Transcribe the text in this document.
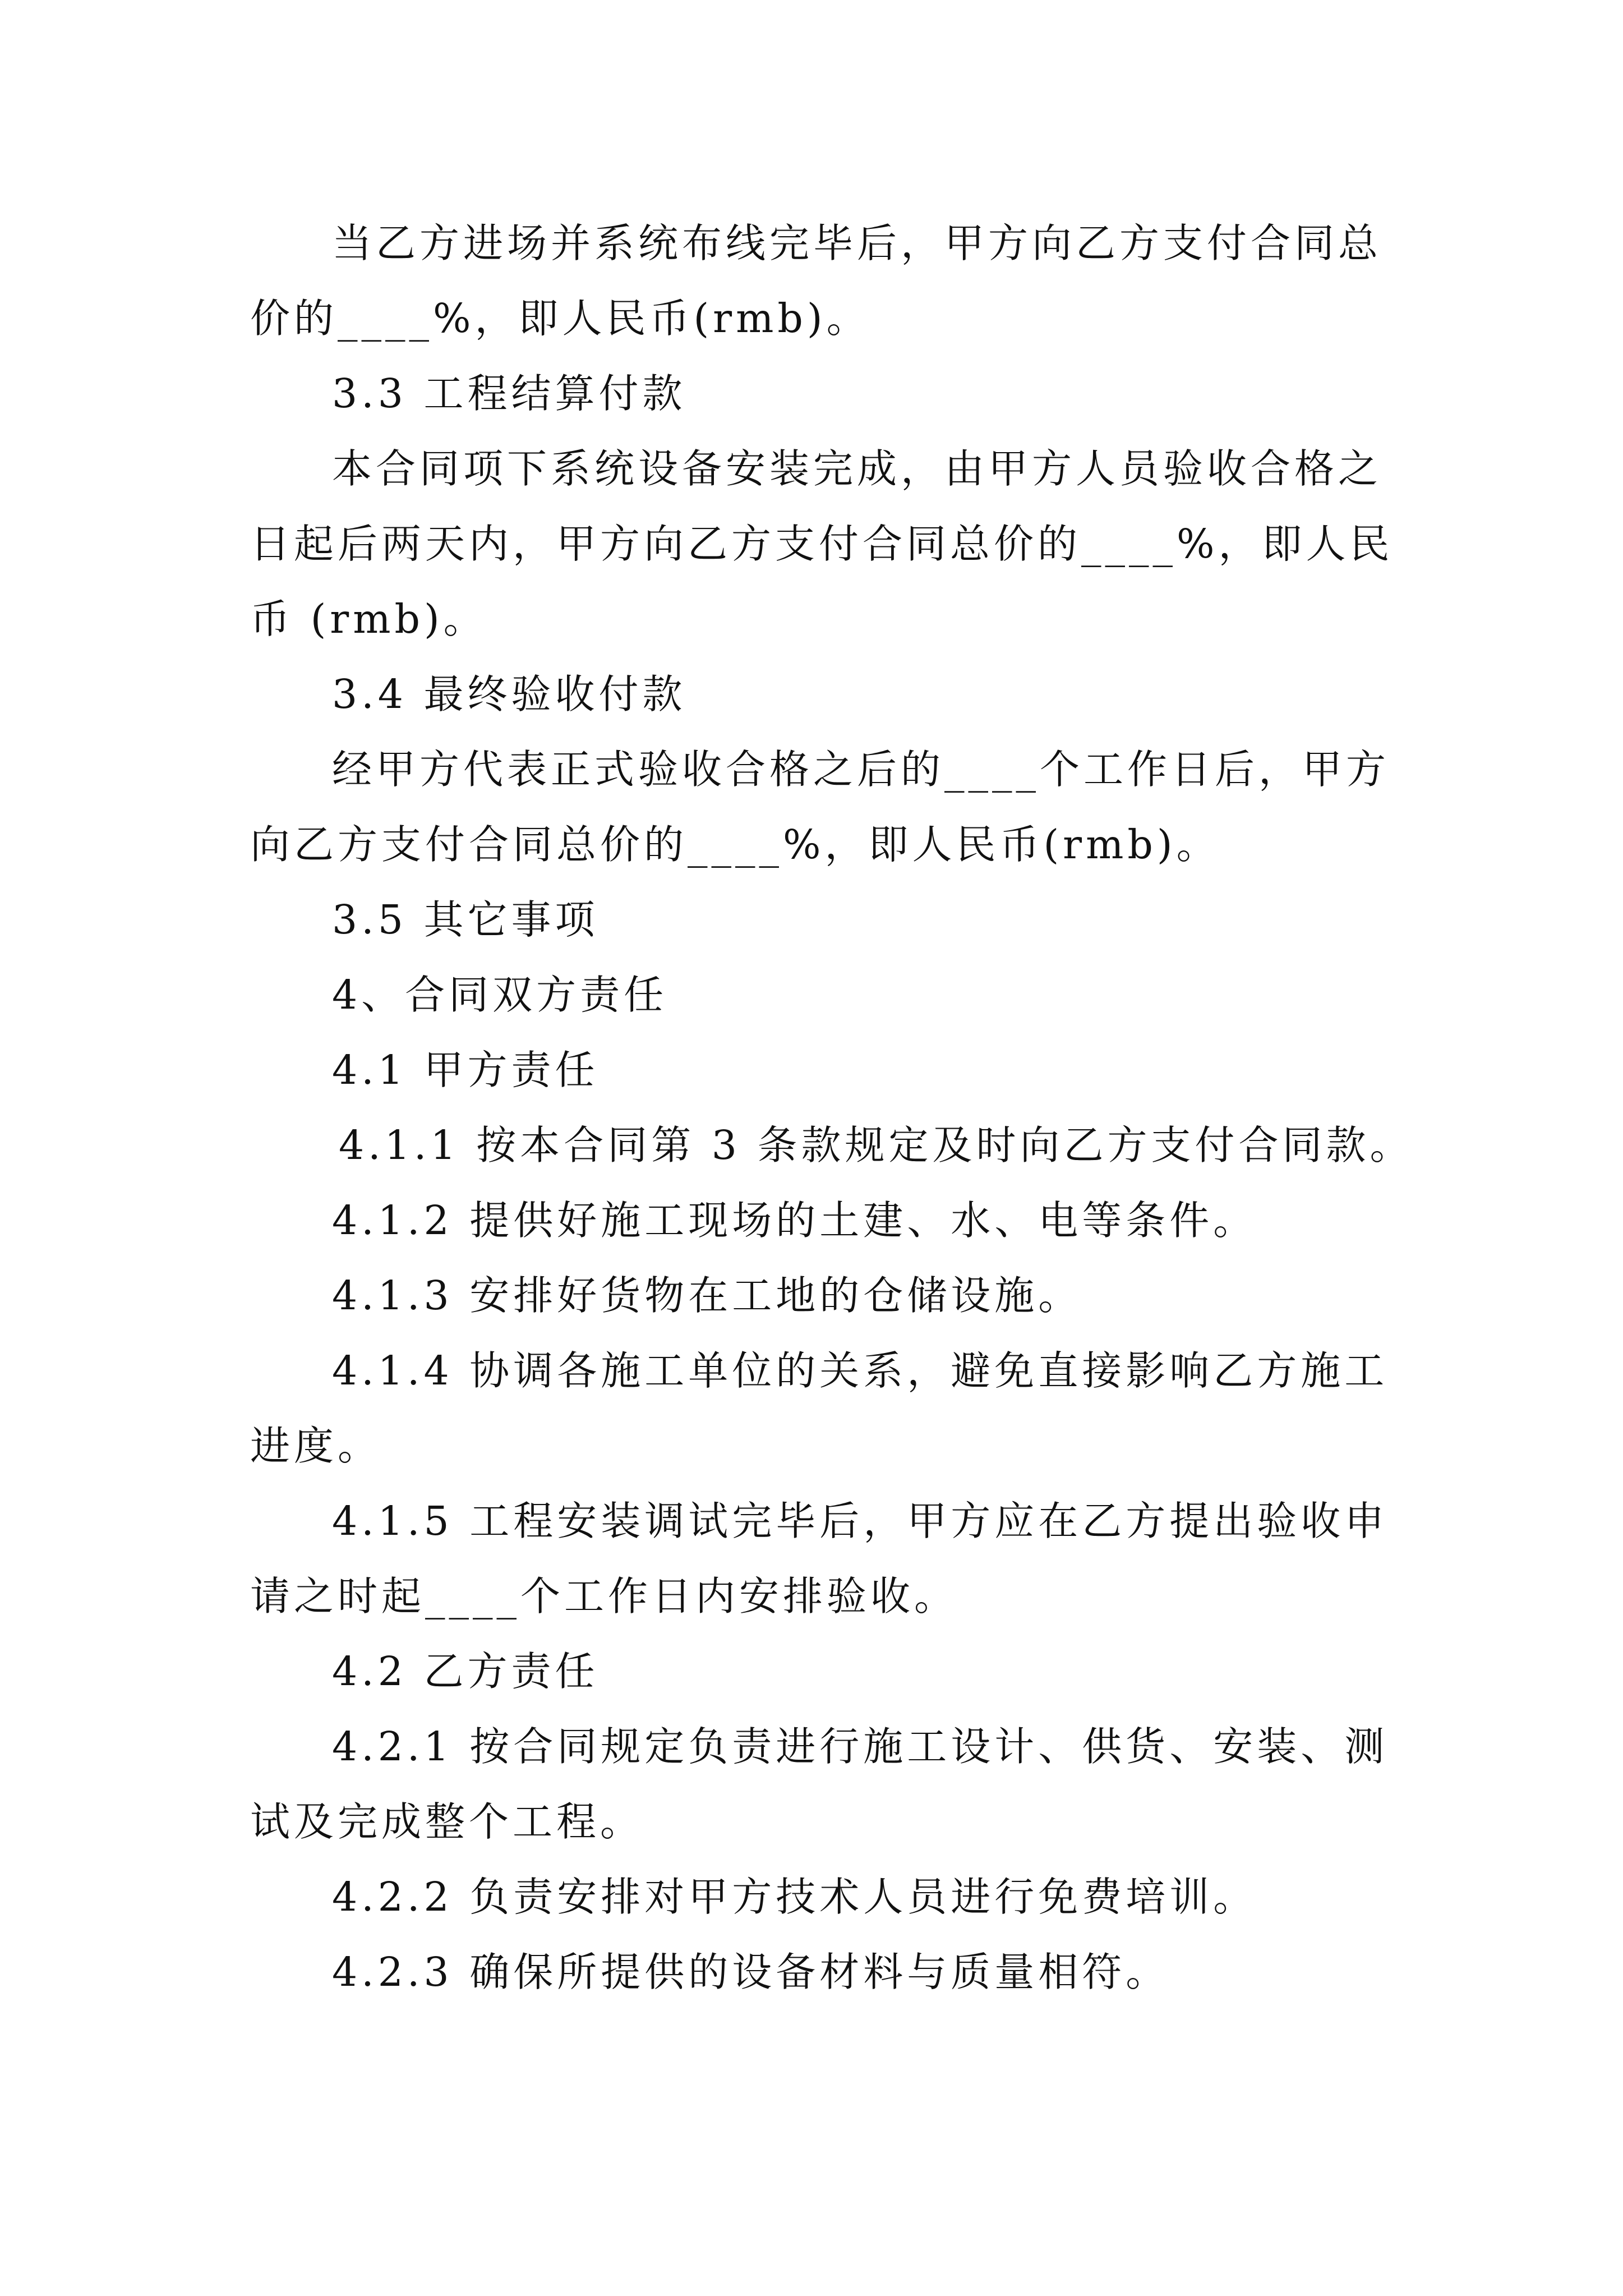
当乙方进场并系统布线完毕后，甲方向乙方支付合同总

价的____%，即人民币(rmb)。

3.3 工程结算付款

本合同项下系统设备安装完成，由甲方人员验收合格之

日起后两天内，甲方向乙方支付合同总价的____%，即人民

币 (rmb)。

3.4 最终验收付款

经甲方代表正式验收合格之后的____个工作日后，甲方

向乙方支付合同总价的____%，即人民币(rmb)。

3.5 其它事项

4、合同双方责任

4.1 甲方责任

4.1.1 按本合同第 3 条款规定及时向乙方支付合同款。

4.1.2 提供好施工现场的土建、水、电等条件。

4.1.3 安排好货物在工地的仓储设施。

4.1.4 协调各施工单位的关系，避免直接影响乙方施工

进度。

4.1.5 工程安装调试完毕后，甲方应在乙方提出验收申

请之时起____个工作日内安排验收。

4.2 乙方责任

4.2.1 按合同规定负责进行施工设计、供货、安装、测

试及完成整个工程。

4.2.2 负责安排对甲方技术人员进行免费培训。

4.2.3 确保所提供的设备材料与质量相符。
